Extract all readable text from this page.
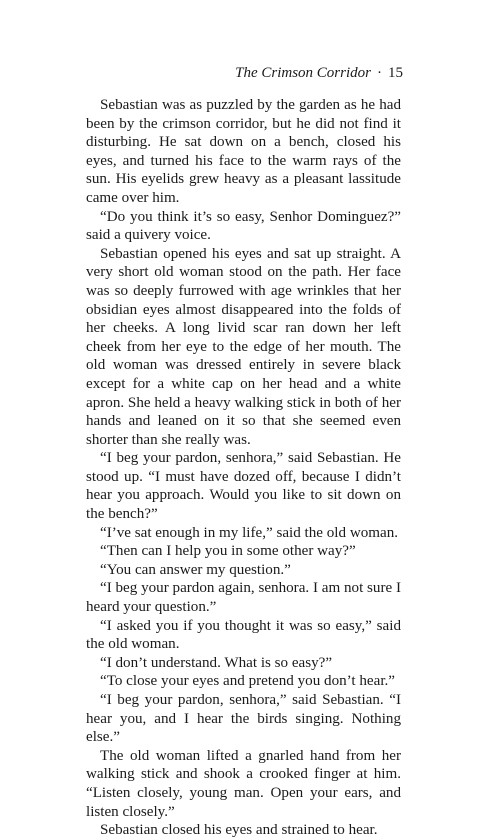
The Crimson Corridor · 15

Sebastian was as puzzled by the garden as he had been by the crimson corridor, but he did not find it disturbing. He sat down on a bench, closed his eyes, and turned his face to the warm rays of the sun. His eyelids grew heavy as a pleasant lassitude came over him.

“Do you think it’s so easy, Senhor Dominguez?” said a quivery voice.

Sebastian opened his eyes and sat up straight. A very short old woman stood on the path. Her face was so deeply furrowed with age wrinkles that her obsidian eyes almost disappeared into the folds of her cheeks. A long livid scar ran down her left cheek from her eye to the edge of her mouth. The old woman was dressed entirely in severe black except for a white cap on her head and a white apron. She held a heavy walking stick in both of her hands and leaned on it so that she seemed even shorter than she really was.

“I beg your pardon, senhora,” said Sebastian. He stood up. “I must have dozed off, because I didn’t hear you approach. Would you like to sit down on the bench?”

“I’ve sat enough in my life,” said the old woman.

“Then can I help you in some other way?”

“You can answer my question.”

“I beg your pardon again, senhora. I am not sure I heard your question.”

“I asked you if you thought it was so easy,” said the old woman.

“I don’t understand. What is so easy?”

“To close your eyes and pretend you don’t hear.”

“I beg your pardon, senhora,” said Sebastian. “I hear you, and I hear the birds singing. Nothing else.”

The old woman lifted a gnarled hand from her walking stick and shook a crooked finger at him. “Listen closely, young man. Open your ears, and listen closely.”

Sebastian closed his eyes and strained to hear.
